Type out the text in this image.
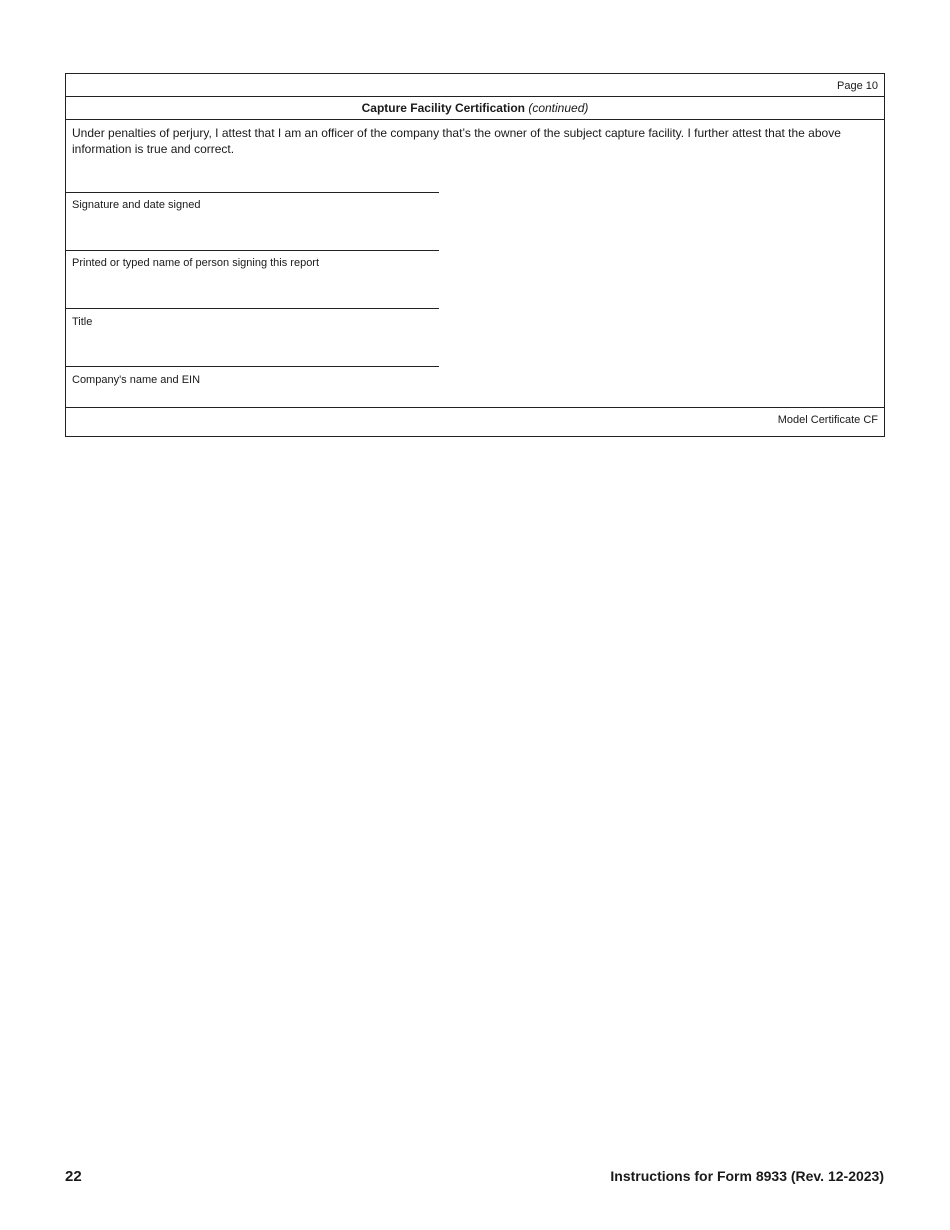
Page 10
Capture Facility Certification (continued)
Under penalties of perjury, I attest that I am an officer of the company that’s the owner of the subject capture facility. I further attest that the above information is true and correct.
Signature and date signed
Printed or typed name of person signing this report
Title
Company's name and EIN
Model Certificate CF
22	Instructions for Form 8933 (Rev. 12-2023)
